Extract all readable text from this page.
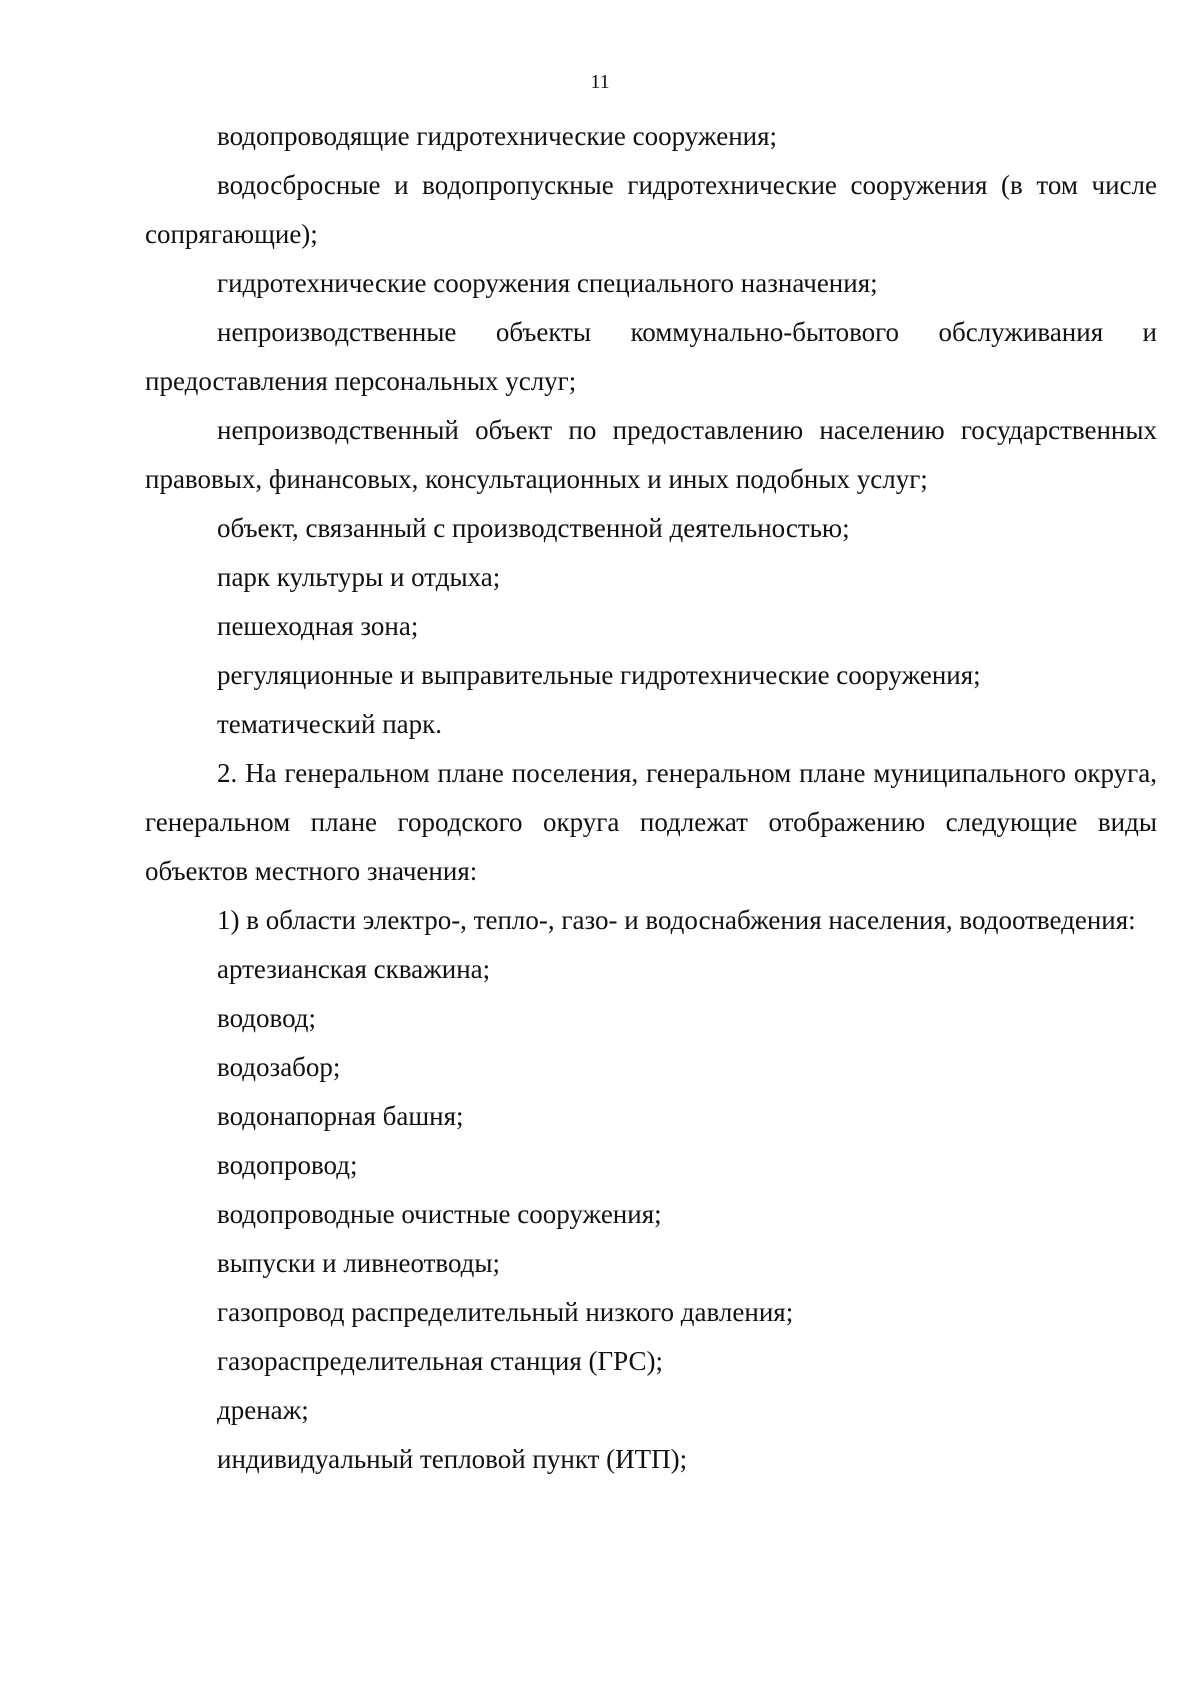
11

водопроводящие гидротехнические сооружения;

водосбросные и водопропускные гидротехнические сооружения (в том числе сопрягающие);

гидротехнические сооружения специального назначения;

непроизводственные объекты коммунально-бытового обслуживания и предоставления персональных услуг;

непроизводственный объект по предоставлению населению государственных правовых, финансовых, консультационных и иных подобных услуг;

объект, связанный с производственной деятельностью;

парк культуры и отдыха;

пешеходная зона;

регуляционные и выправительные гидротехнические сооружения;

тематический парк.

2. На генеральном плане поселения, генеральном плане муниципального округа, генеральном плане городского округа подлежат отображению следующие виды объектов местного значения:

1) в области электро-, тепло-, газо- и водоснабжения населения, водоотведения:

артезианская скважина;

водовод;

водозабор;

водонапорная башня;

водопровод;

водопроводные очистные сооружения;

выпуски и ливнеотводы;

газопровод распределительный низкого давления;

газораспределительная станция (ГРС);

дренаж;

индивидуальный тепловой пункт (ИТП);
